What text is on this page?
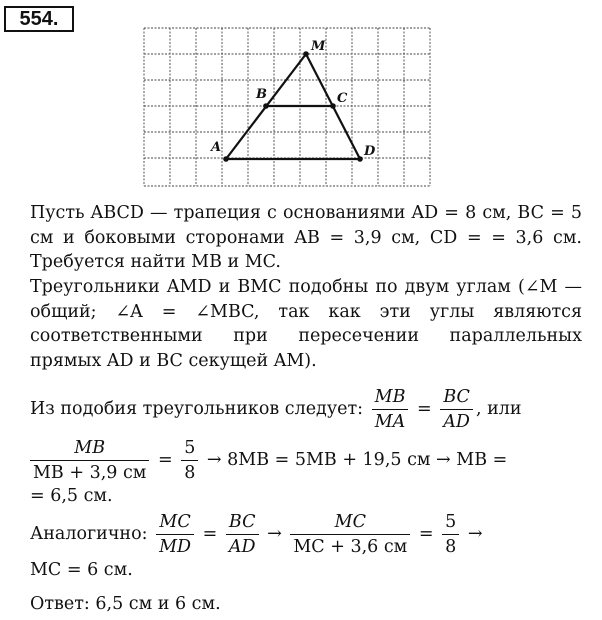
554.
M
B	C
A	D

Пусть ABCD — трапеция с основаниями AD = 8 см, BC = 5 см и боковыми сторонами AB = 3,9 см, CD = = 3,6 см. Требуется найти MB и MC.

Треугольники AMD и BMC подобны по двум углам (∠M — общий; ∠A = ∠MBC, так как эти углы являются соответственными при пересечении параллельных прямых AD и BC секущей AM).

Из подобия треугольников следует: $\frac{MB}{MA} = \frac{BC}{AD}$ , или
$\frac{MB}{MB + 3,9 см} = \frac{5}{8} \to 8MB = 5MB + 19,5$ см → MB =
= 6,5 см.
Аналогично: $\frac{MC}{MD} = \frac{BC}{AD} \to \frac{MC}{MC + 3,6 см} = \frac{5}{8}$ →
MC = 6 см.
Ответ: 6,5 см и 6 см.
